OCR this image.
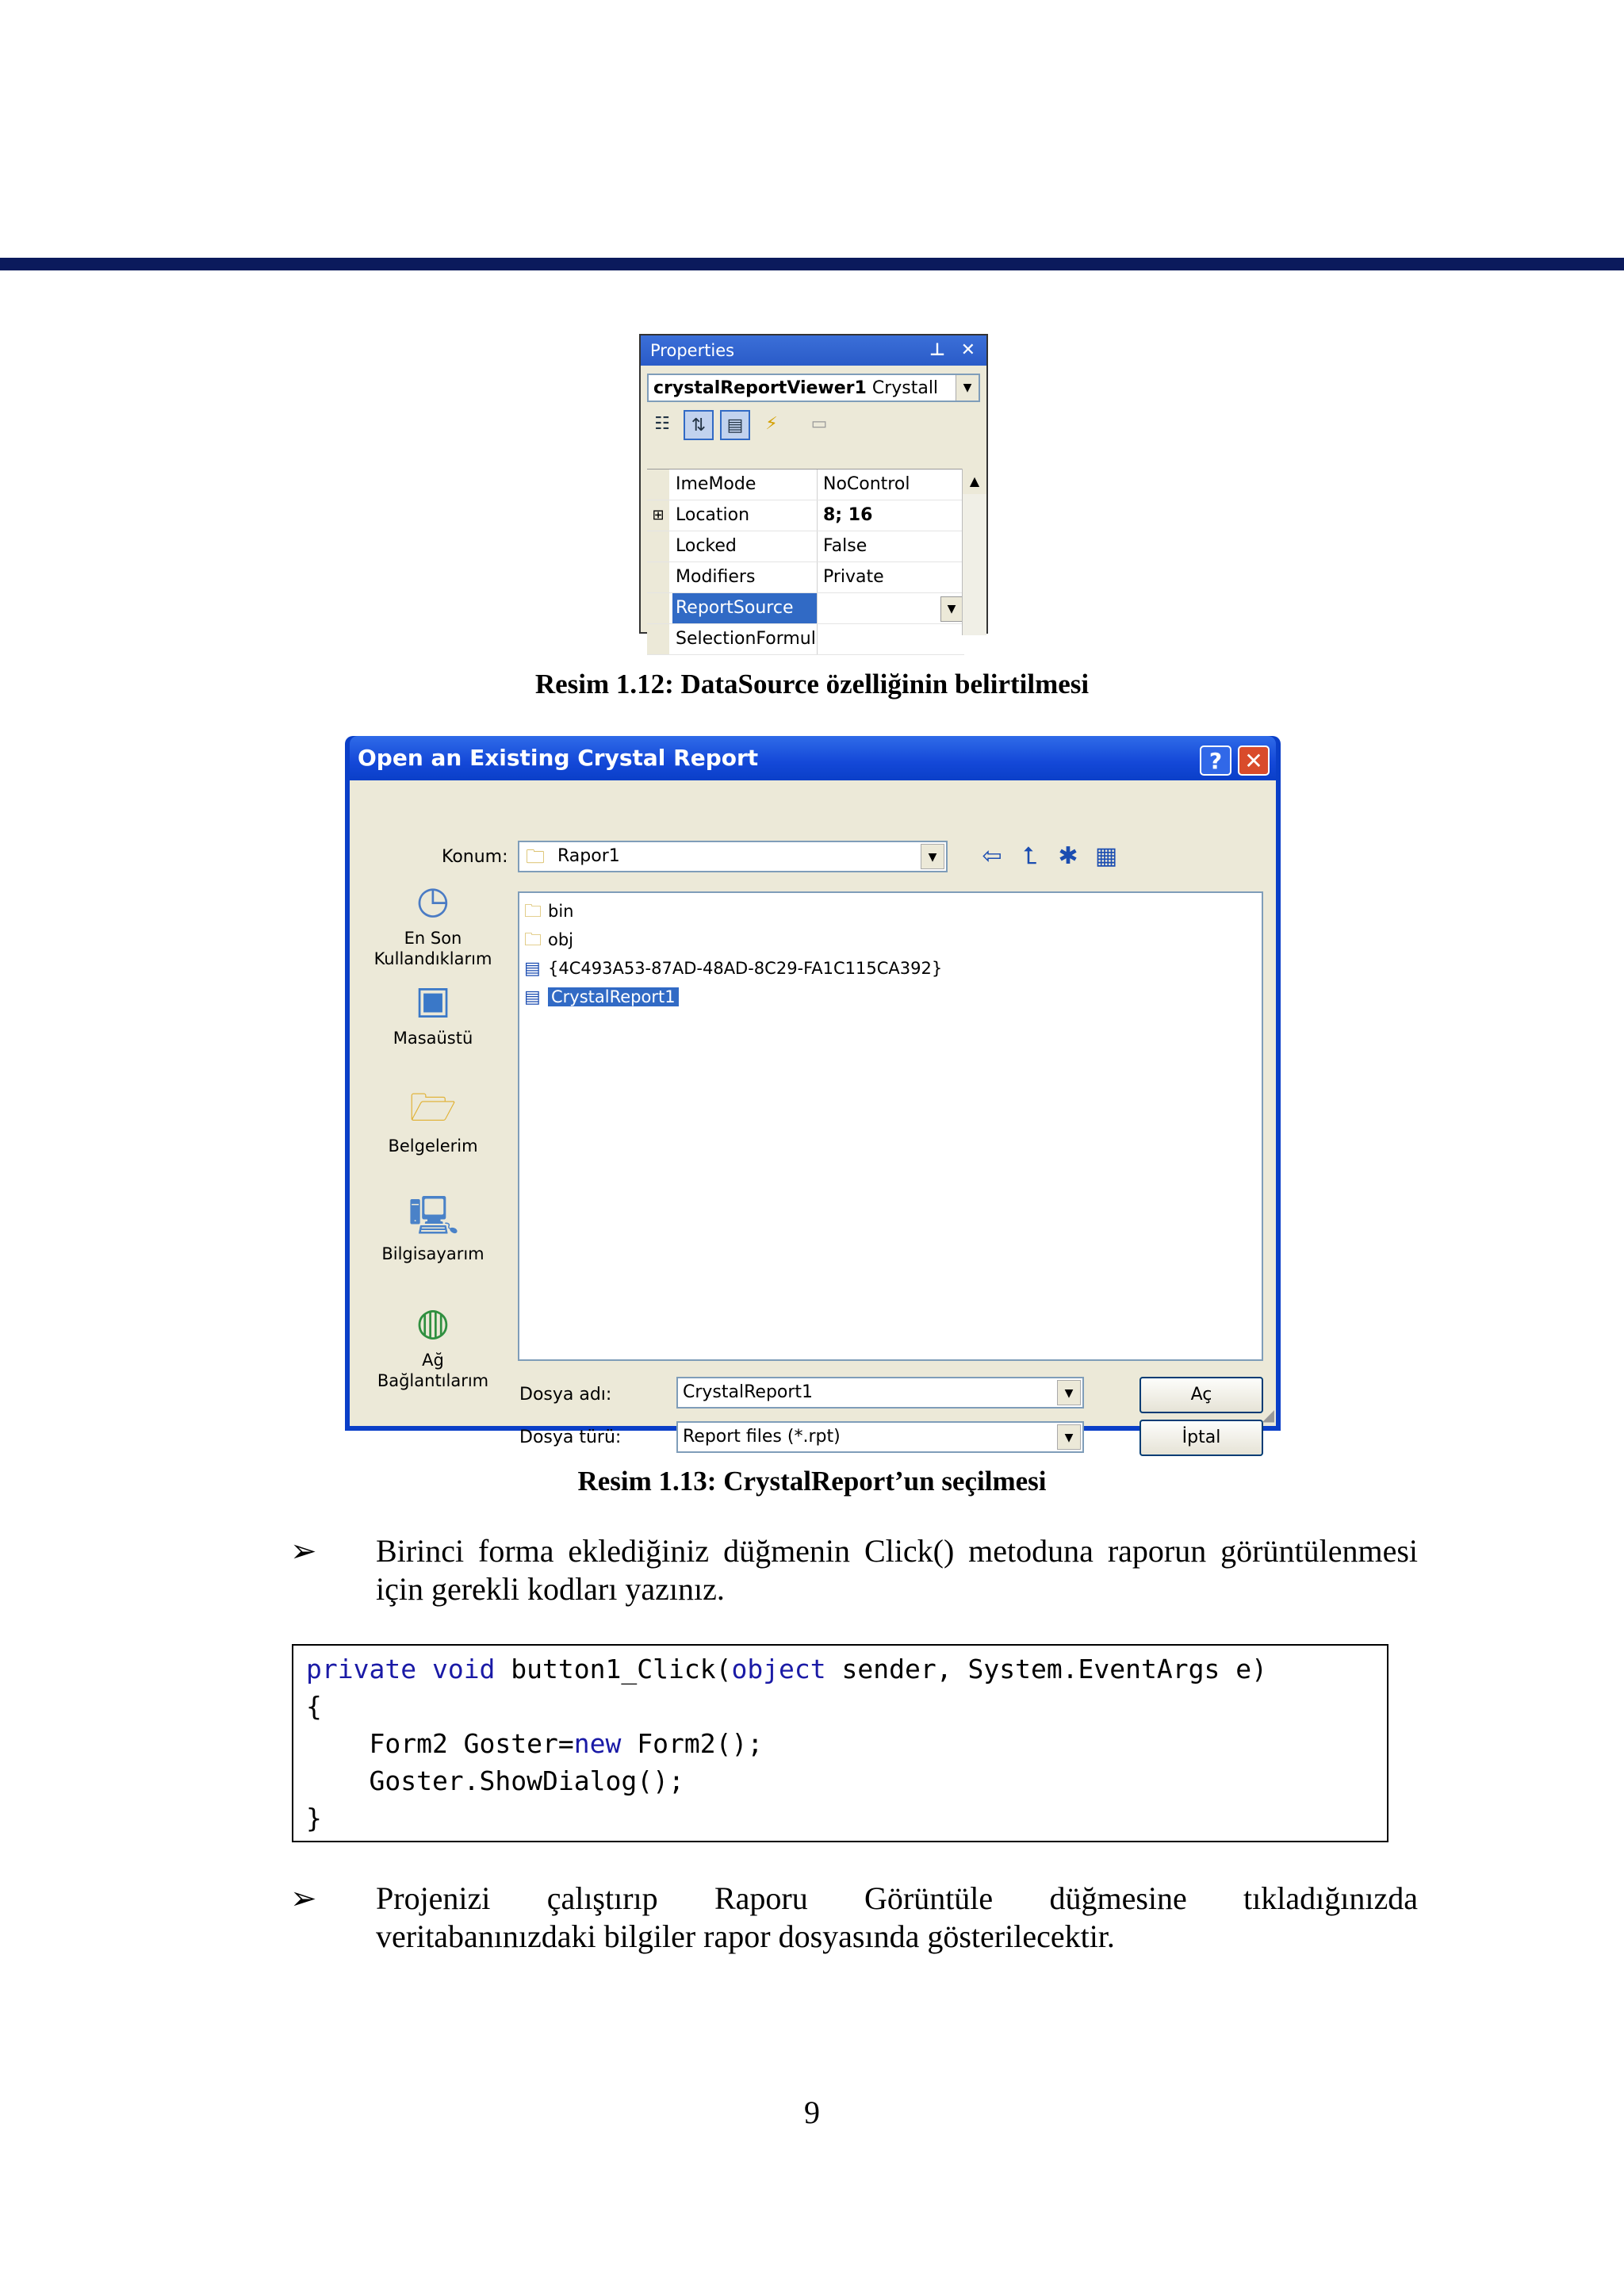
Properties	⊥ ✕
crystalReportViewer1 Crystall	▼
☷	⇅	▤	⚡	▭
ImeMode	NoControl
⊞ Location	8; 16
Locked	False
Modifiers	Private
ReportSource	▼
SelectionFormul
▲
Resim 1.12: DataSource özelliğinin belirtilmesi
Open an Existing Crystal Report	?	✕
Konum: 🗀 Rapor1	▼	⇦ ⮤ ✱ ▦
◷
En Son Kullandıklarım
▣
Masaüstü
🗁
Belgelerim
🖳
Bilgisayarım
◍
Ağ Bağlantılarım
🗀 bin
🗀 obj
▤ {4C493A53-87AD-48AD-8C29-FA1C115CA392}
▤ CrystalReport1
Dosya adı:	CrystalReport1	▼
Dosya türü:	Report files (*.rpt)	▼
Aç
İptal
◢
Resim 1.13: CrystalReport’un seçilmesi
➢ Birinci forma eklediğiniz düğmenin Click() metoduna raporun görüntülenmesi
için gerekli kodları yazınız.
private void button1_Click(object sender, System.EventArgs e)
{
Form2 Goster=new Form2();
Goster.ShowDialog();
}
➢ Projenizi çalıştırıp Raporu Görüntüle düğmesine tıkladığınızda
veritabanınızdaki bilgiler rapor dosyasında gösterilecektir.
9
